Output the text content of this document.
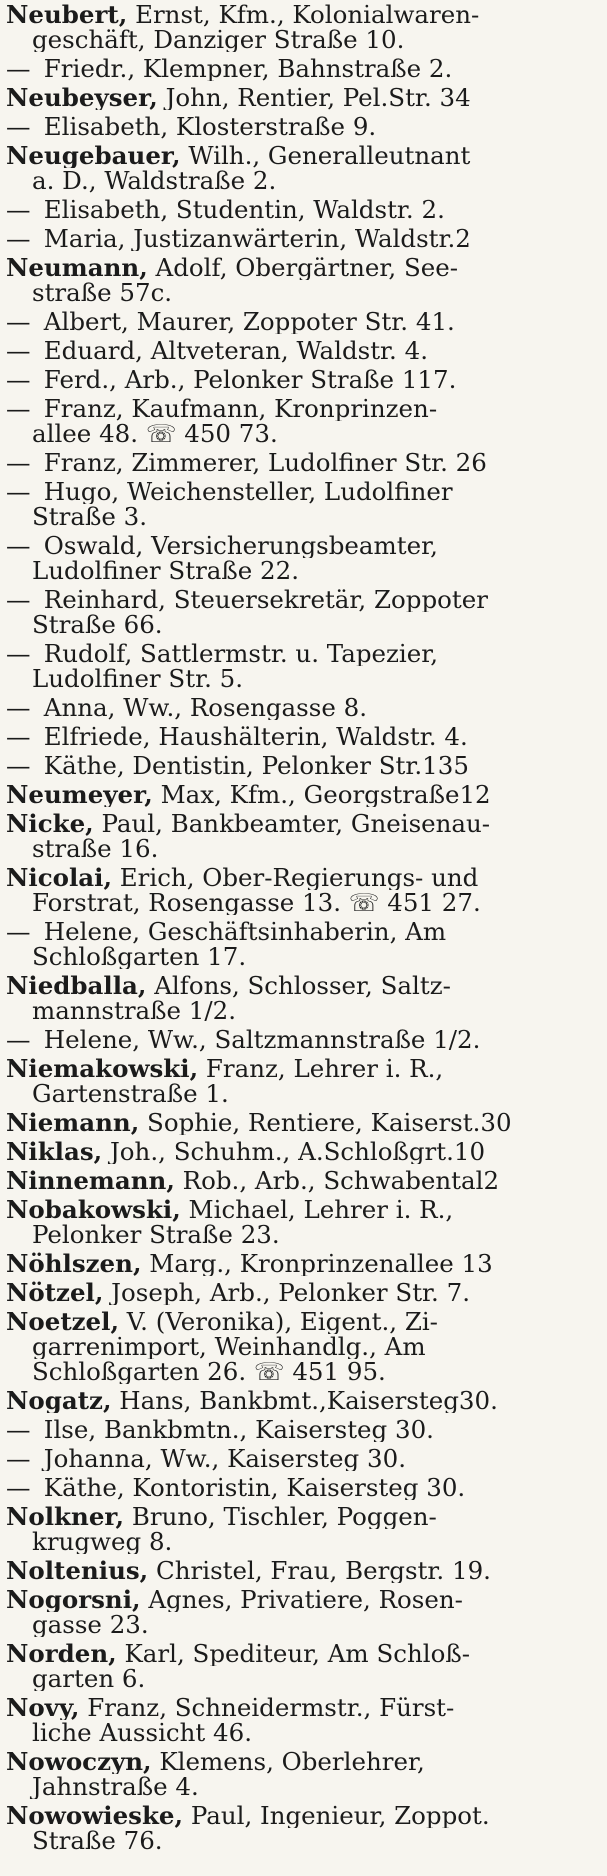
Neubert, Ernst, Kfm., Kolonialwaren-
geschäft, Danziger Straße 10.
— Friedr., Klempner, Bahnstraße 2.
Neubeyser, John, Rentier, Pel.Str. 34
— Elisabeth, Klosterstraße 9.
Neugebauer, Wilh., Generalleutnant
a. D., Waldstraße 2.
— Elisabeth, Studentin, Waldstr. 2.
— Maria, Justizanwärterin, Waldstr.2
Neumann, Adolf, Obergärtner, See-
straße 57c.
— Albert, Maurer, Zoppoter Str. 41.
— Eduard, Altveteran, Waldstr. 4.
— Ferd., Arb., Pelonker Straße 117.
— Franz, Kaufmann, Kronprinzen-
allee 48. ☏ 450 73.
— Franz, Zimmerer, Ludolfiner Str. 26
— Hugo, Weichensteller, Ludolfiner
Straße 3.
— Oswald, Versicherungsbeamter,
Ludolfiner Straße 22.
— Reinhard, Steuersekretär, Zoppoter
Straße 66.
— Rudolf, Sattlermstr. u. Tapezier,
Ludolfiner Str. 5.
— Anna, Ww., Rosengasse 8.
— Elfriede, Haushälterin, Waldstr. 4.
— Käthe, Dentistin, Pelonker Str.135
Neumeyer, Max, Kfm., Georgstraße12
Nicke, Paul, Bankbeamter, Gneisenau-
straße 16.
Nicolai, Erich, Ober-Regierungs- und
Forstrat, Rosengasse 13. ☏ 451 27.
— Helene, Geschäftsinhaberin, Am
Schloßgarten 17.
Niedballa, Alfons, Schlosser, Saltz-
mannstraße 1/2.
— Helene, Ww., Saltzmannstraße 1/2.
Niemakowski, Franz, Lehrer i. R.,
Gartenstraße 1.
Niemann, Sophie, Rentiere, Kaiserst.30
Niklas, Joh., Schuhm., A.Schloßgrt.10
Ninnemann, Rob., Arb., Schwabental2
Nobakowski, Michael, Lehrer i. R.,
Pelonker Straße 23.
Nöhlszen, Marg., Kronprinzenallee 13
Nötzel, Joseph, Arb., Pelonker Str. 7.
Noetzel, V. (Veronika), Eigent., Zi-
garrenimport, Weinhandlg., Am
Schloßgarten 26. ☏ 451 95.
Nogatz, Hans, Bankbmt.,Kaisersteg30.
— Ilse, Bankbmtn., Kaisersteg 30.
— Johanna, Ww., Kaisersteg 30.
— Käthe, Kontoristin, Kaisersteg 30.
Nolkner, Bruno, Tischler, Poggen-
krugweg 8.
Noltenius, Christel, Frau, Bergstr. 19.
Nogorsni, Agnes, Privatiere, Rosen-
gasse 23.
Norden, Karl, Spediteur, Am Schloß-
garten 6.
Novy, Franz, Schneidermstr., Fürst-
liche Aussicht 46.
Nowoczyn, Klemens, Oberlehrer,
Jahnstraße 4.
Nowowieske, Paul, Ingenieur, Zoppot.
Straße 76.
